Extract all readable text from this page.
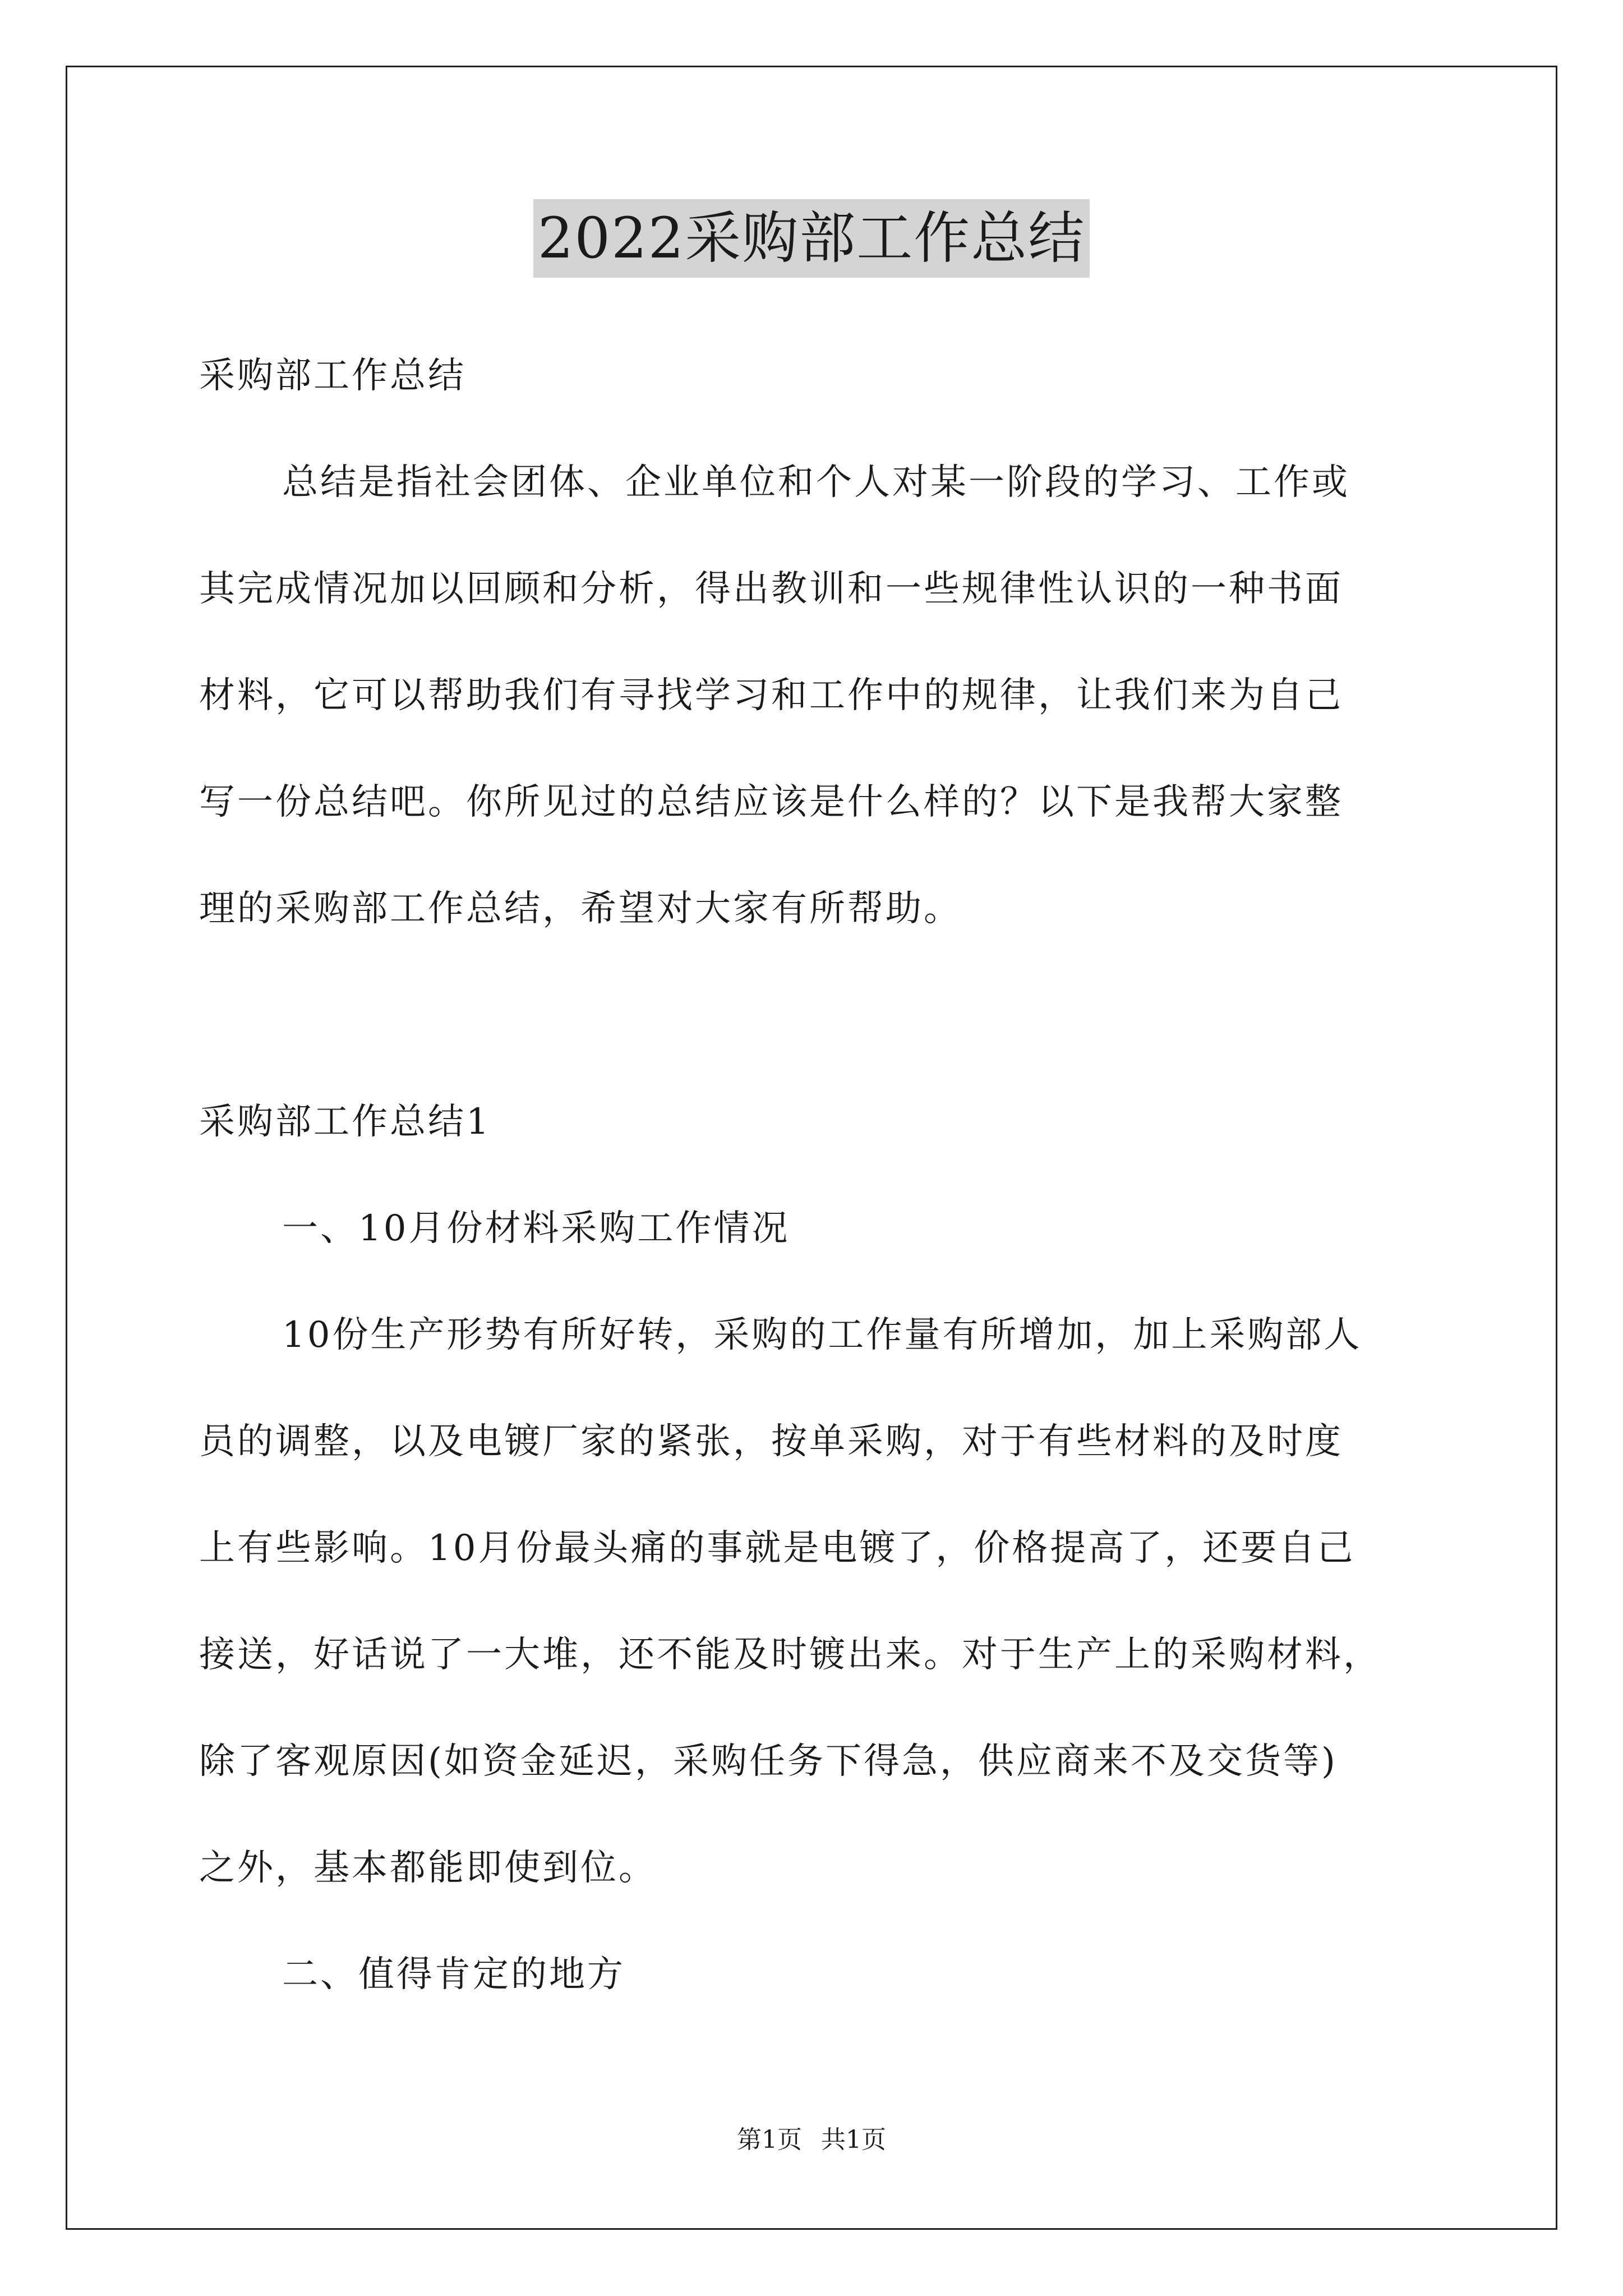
2022采购部工作总结

采购部工作总结

总结是指社会团体、企业单位和个人对某一阶段的学习、工作或
其完成情况加以回顾和分析，得出教训和一些规律性认识的一种书面
材料，它可以帮助我们有寻找学习和工作中的规律，让我们来为自己
写一份总结吧。你所见过的总结应该是什么样的？以下是我帮大家整
理的采购部工作总结，希望对大家有所帮助。

采购部工作总结1

一、10月份材料采购工作情况

10份生产形势有所好转，采购的工作量有所增加，加上采购部人
员的调整，以及电镀厂家的紧张，按单采购，对于有些材料的及时度
上有些影响。10月份最头痛的事就是电镀了，价格提高了，还要自己
接送，好话说了一大堆，还不能及时镀出来。对于生产上的采购材料，
除了客观原因(如资金延迟，采购任务下得急，供应商来不及交货等)
之外，基本都能即使到位。

二、值得肯定的地方

第1页 共1页
